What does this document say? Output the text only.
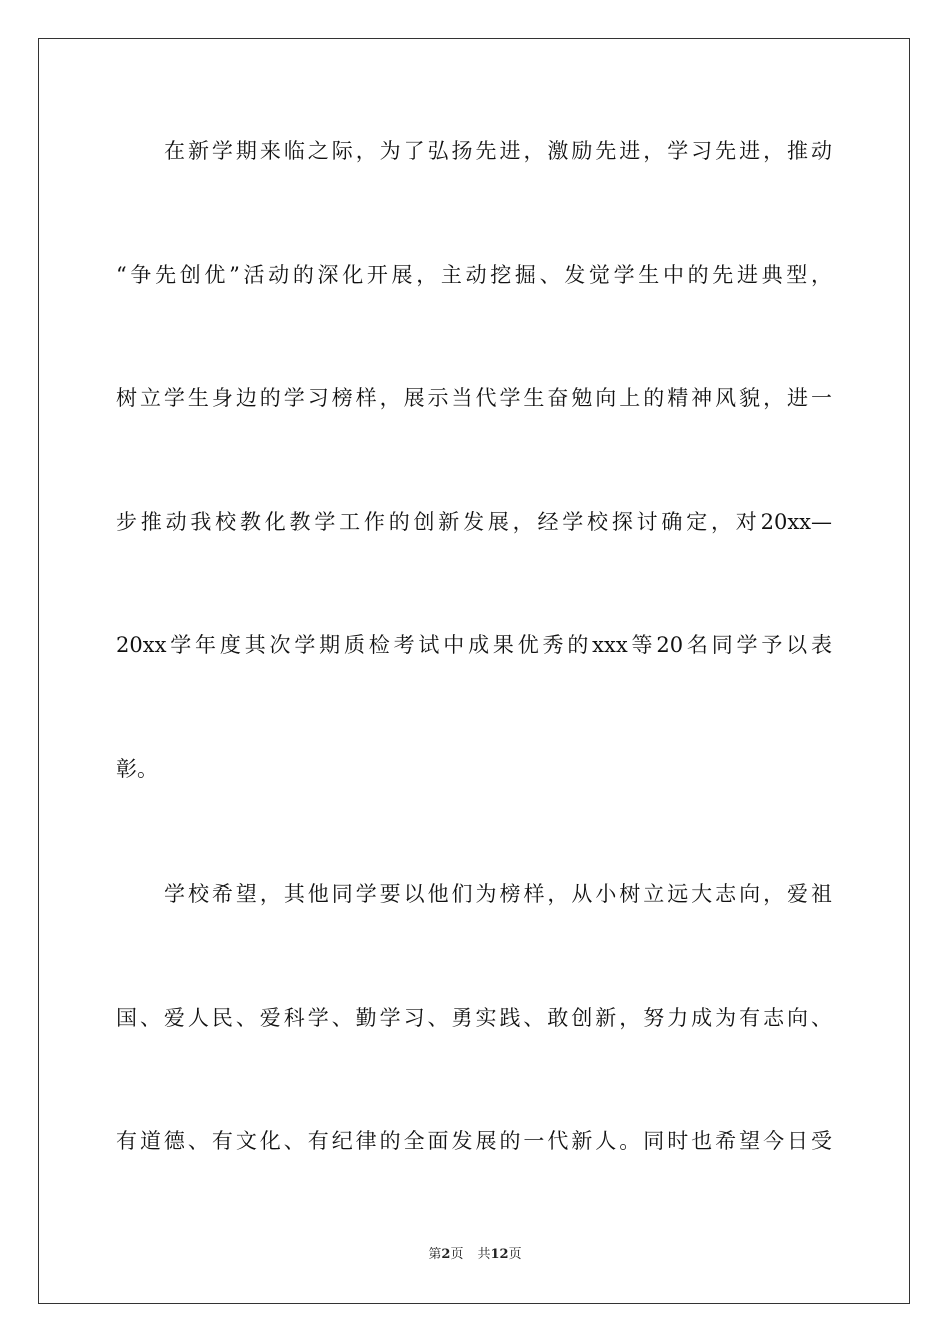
在新学期来临之际，为了弘扬先进，激励先进，学习先进，推动
“争先创优”活动的深化开展，主动挖掘、发觉学生中的先进典型，
树立学生身边的学习榜样，展示当代学生奋勉向上的精神风貌，进一
步推动我校教化教学工作的创新发展，经学校探讨确定，对20xx—
20xx学年度其次学期质检考试中成果优秀的xxx等20名同学予以表
彰。
学校希望，其他同学要以他们为榜样，从小树立远大志向，爱祖
国、爱人民、爱科学、勤学习、勇实践、敢创新，努力成为有志向、
有道德、有文化、有纪律的全面发展的一代新人。同时也希望今日受
第2页 共12页
